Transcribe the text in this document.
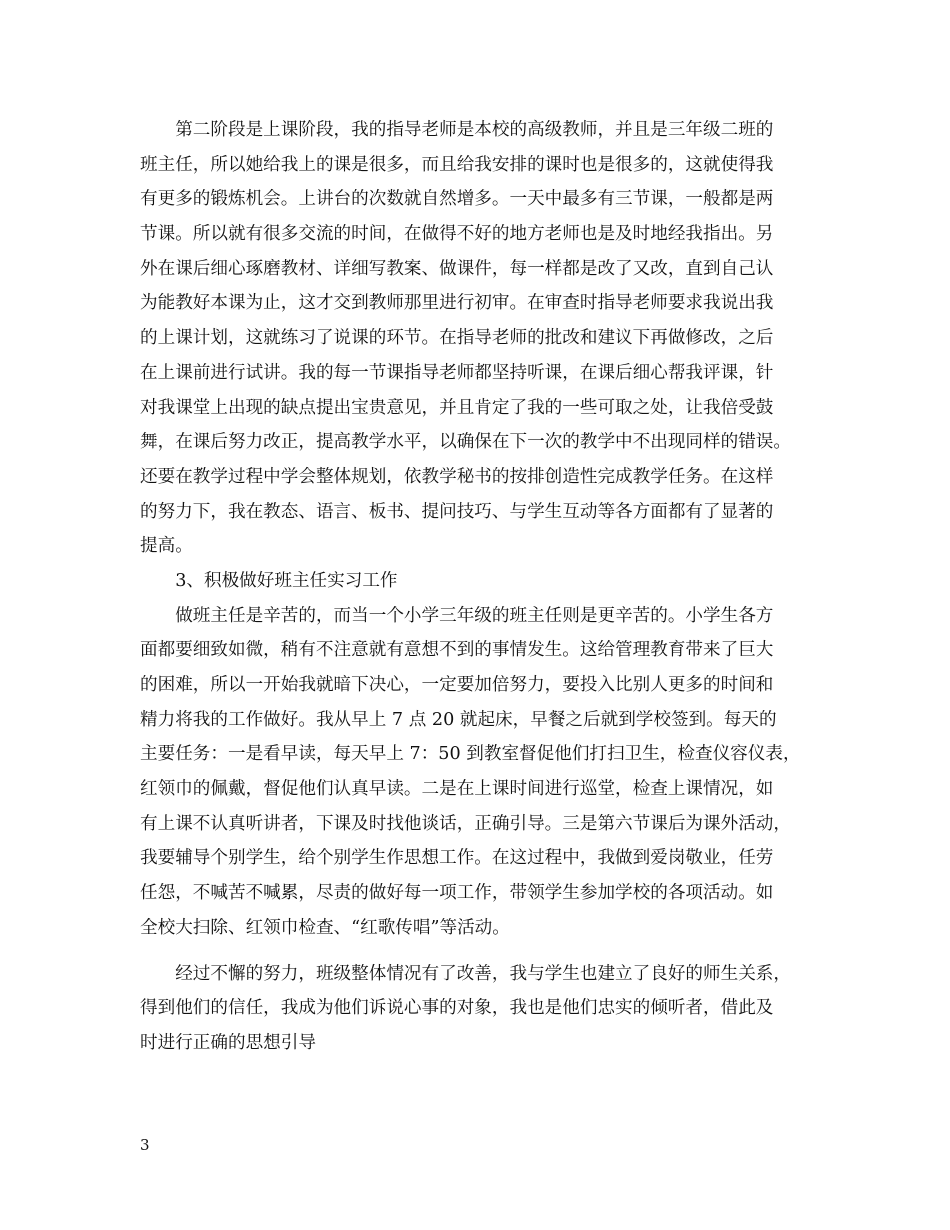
　　第二阶段是上课阶段，我的指导老师是本校的高级教师，并且是三年级二班的
班主任，所以她给我上的课是很多，而且给我安排的课时也是很多的，这就使得我
有更多的锻炼机会。上讲台的次数就自然增多。一天中最多有三节课，一般都是两
节课。所以就有很多交流的时间，在做得不好的地方老师也是及时地经我指出。另
外在课后细心琢磨教材、详细写教案、做课件，每一样都是改了又改，直到自己认
为能教好本课为止，这才交到教师那里进行初审。在审查时指导老师要求我说出我
的上课计划，这就练习了说课的环节。在指导老师的批改和建议下再做修改，之后
在上课前进行试讲。我的每一节课指导老师都坚持听课，在课后细心帮我评课，针
对我课堂上出现的缺点提出宝贵意见，并且肯定了我的一些可取之处，让我倍受鼓
舞，在课后努力改正，提高教学水平，以确保在下一次的教学中不出现同样的错误。
还要在教学过程中学会整体规划，依教学秘书的按排创造性完成教学任务。在这样
的努力下，我在教态、语言、板书、提问技巧、与学生互动等各方面都有了显著的
提高。
　　3、积极做好班主任实习工作
　　做班主任是辛苦的，而当一个小学三年级的班主任则是更辛苦的。小学生各方
面都要细致如微，稍有不注意就有意想不到的事情发生。这给管理教育带来了巨大
的困难，所以一开始我就暗下决心，一定要加倍努力，要投入比别人更多的时间和
精力将我的工作做好。我从早上 7 点 20 就起床，早餐之后就到学校签到。每天的
主要任务：一是看早读，每天早上 7：50 到教室督促他们打扫卫生，检查仪容仪表，
红领巾的佩戴，督促他们认真早读。二是在上课时间进行巡堂，检查上课情况，如
有上课不认真听讲者，下课及时找他谈话，正确引导。三是第六节课后为课外活动，
我要辅导个别学生，给个别学生作思想工作。在这过程中，我做到爱岗敬业，任劳
任怨，不喊苦不喊累，尽责的做好每一项工作，带领学生参加学校的各项活动。如
全校大扫除、红领巾检查、“红歌传唱”等活动。
　　经过不懈的努力，班级整体情况有了改善，我与学生也建立了良好的师生关系，
得到他们的信任，我成为他们诉说心事的对象，我也是他们忠实的倾听者，借此及
时进行正确的思想引导
3
